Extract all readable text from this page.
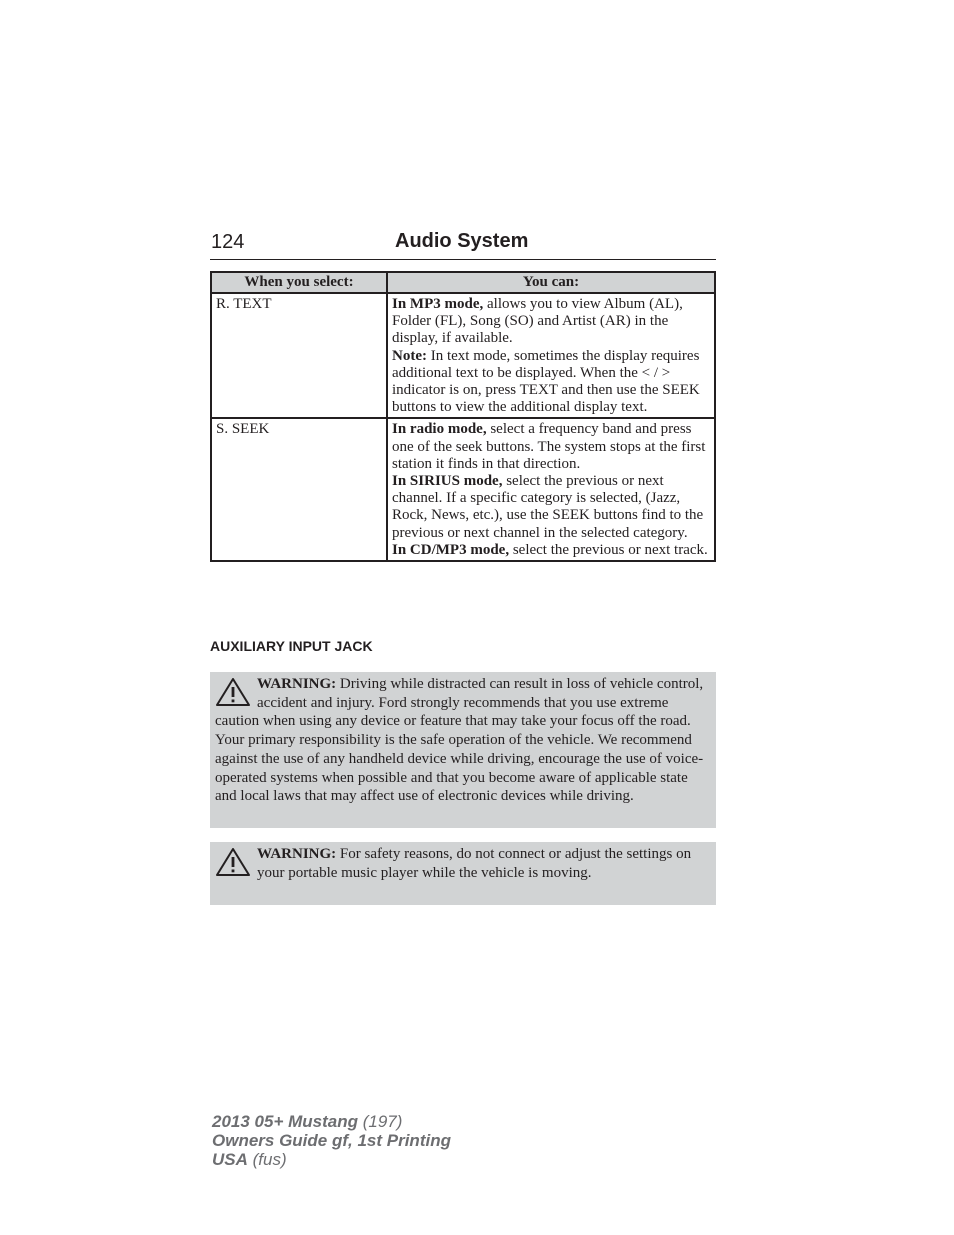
124	Audio System
When you select:	You can:
R. TEXT	In MP3 mode, allows you to view Album (AL), Folder (FL), Song (SO) and Artist (AR) in the display, if available.
Note: In text mode, sometimes the display requires additional text to be displayed. When the < / > indicator is on, press TEXT and then use the SEEK buttons to view the additional display text.

S. SEEK	In radio mode, select a frequency band and press one of the seek buttons. The system stops at the first station it finds in that direction.
In SIRIUS mode, select the previous or next channel. If a specific category is selected, (Jazz, Rock, News, etc.), use the SEEK buttons find to the previous or next channel in the selected category.
In CD/MP3 mode, select the previous or next track.
AUXILIARY INPUT JACK
WARNING: Driving while distracted can result in loss of vehicle control, accident and injury. Ford strongly recommends that you use extreme caution when using any device or feature that may take your focus off the road. Your primary responsibility is the safe operation of the vehicle. We recommend against the use of any handheld device while driving, encourage the use of voice-operated systems when possible and that you become aware of applicable state and local laws that may affect use of electronic devices while driving.
WARNING: For safety reasons, do not connect or adjust the settings on your portable music player while the vehicle is moving.
2013 05+ Mustang (197)
Owners Guide gf, 1st Printing
USA (fus)
